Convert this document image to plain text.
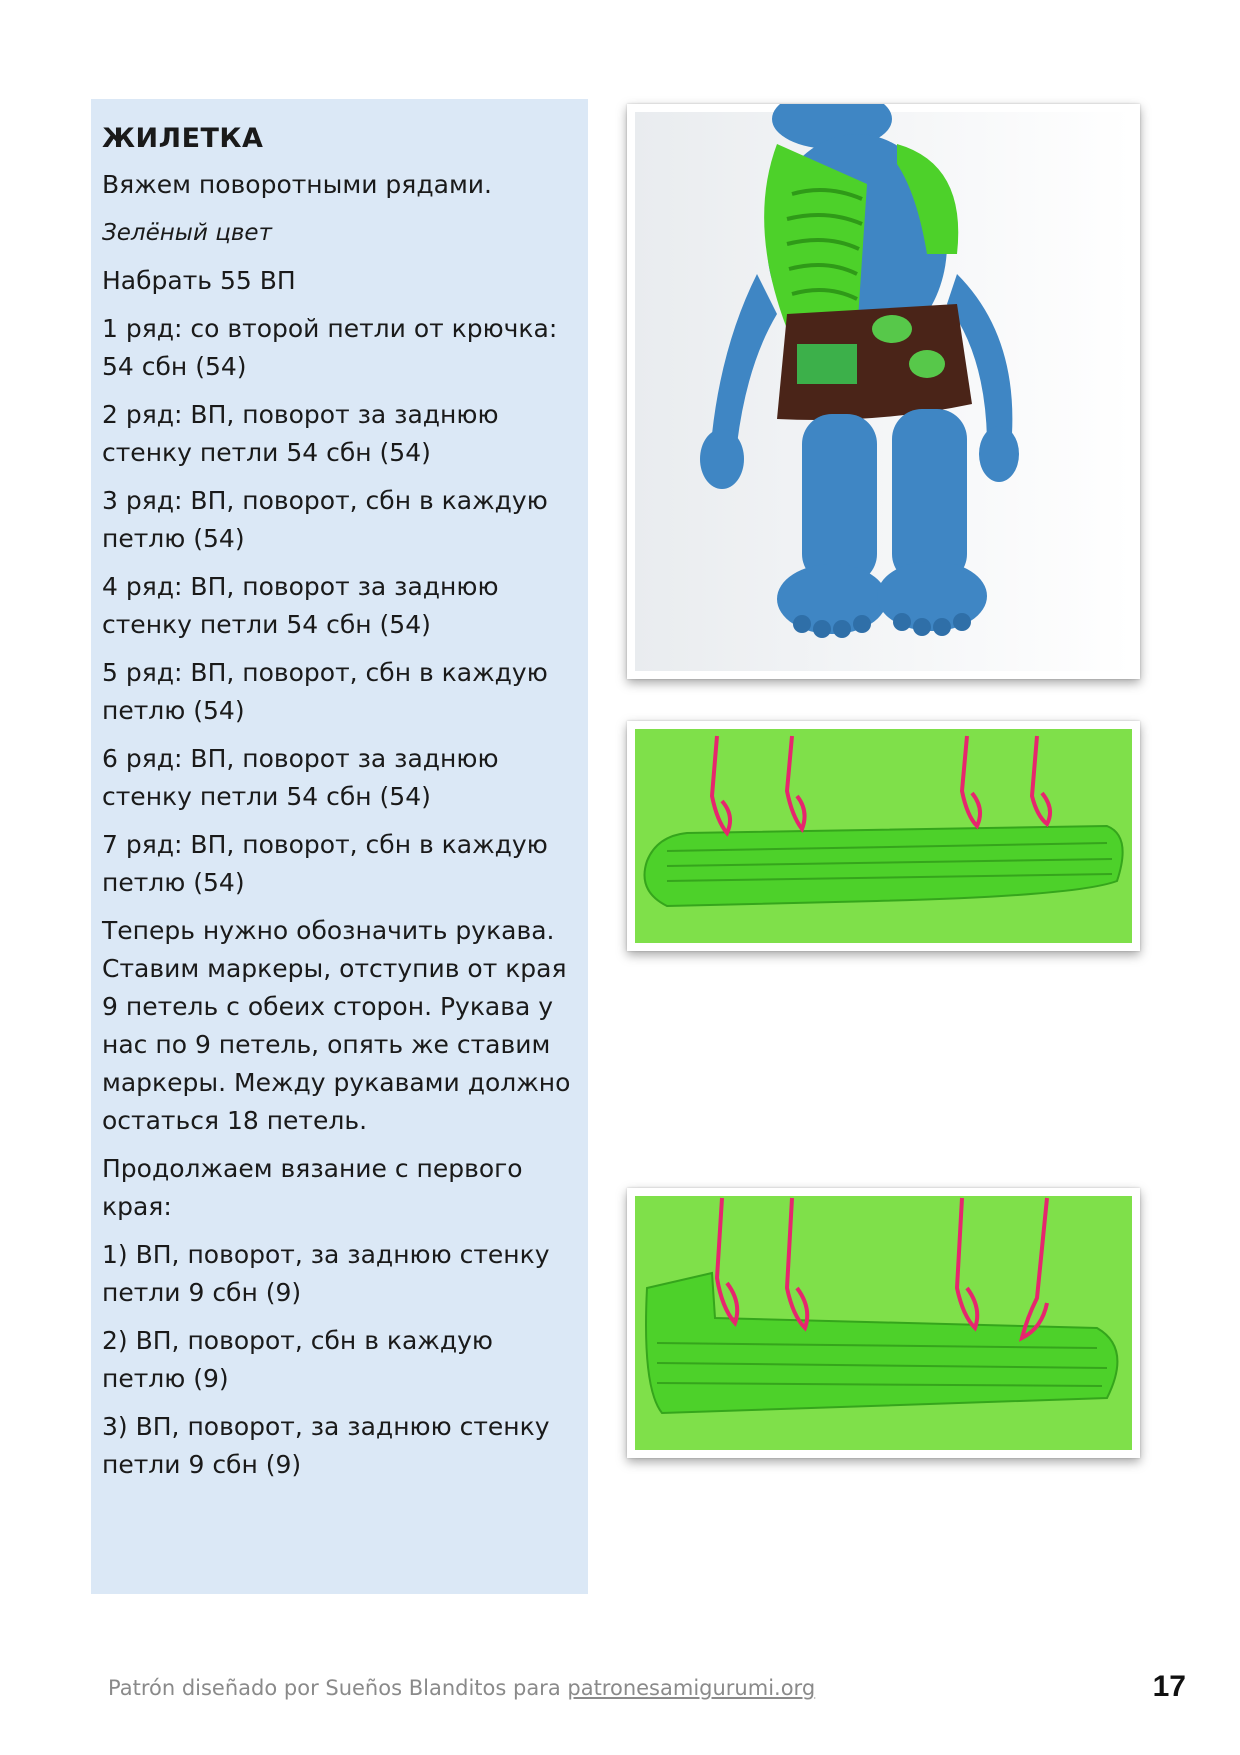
ЖИЛЕТКА
Вяжем поворотными рядами.
Зелёный цвет
Набрать 55 ВП
1 ряд: со второй петли от крючка: 54 сбн (54)
2 ряд: ВП, поворот за заднюю стенку петли 54 сбн (54)
3 ряд: ВП, поворот, сбн в каждую петлю (54)
4 ряд: ВП, поворот за заднюю стенку петли 54 сбн (54)
5 ряд: ВП, поворот, сбн в каждую петлю (54)
6 ряд: ВП, поворот за заднюю стенку петли 54 сбн (54)
7 ряд: ВП, поворот, сбн в каждую петлю (54)
Теперь нужно обозначить рукава. Ставим маркеры, отступив от края 9 петель с обеих сторон. Рукава у нас по 9 петель, опять же ставим маркеры. Между рукавами должно остаться 18 петель.
Продолжаем вязание с первого края:
1) ВП, поворот, за заднюю стенку петли 9 сбн (9)
2) ВП, поворот, сбн в каждую петлю (9)
3) ВП, поворот, за заднюю стенку петли 9 сбн (9)
Patrón diseñado por Sueños Blanditos para patronesamigurumi.org	17
